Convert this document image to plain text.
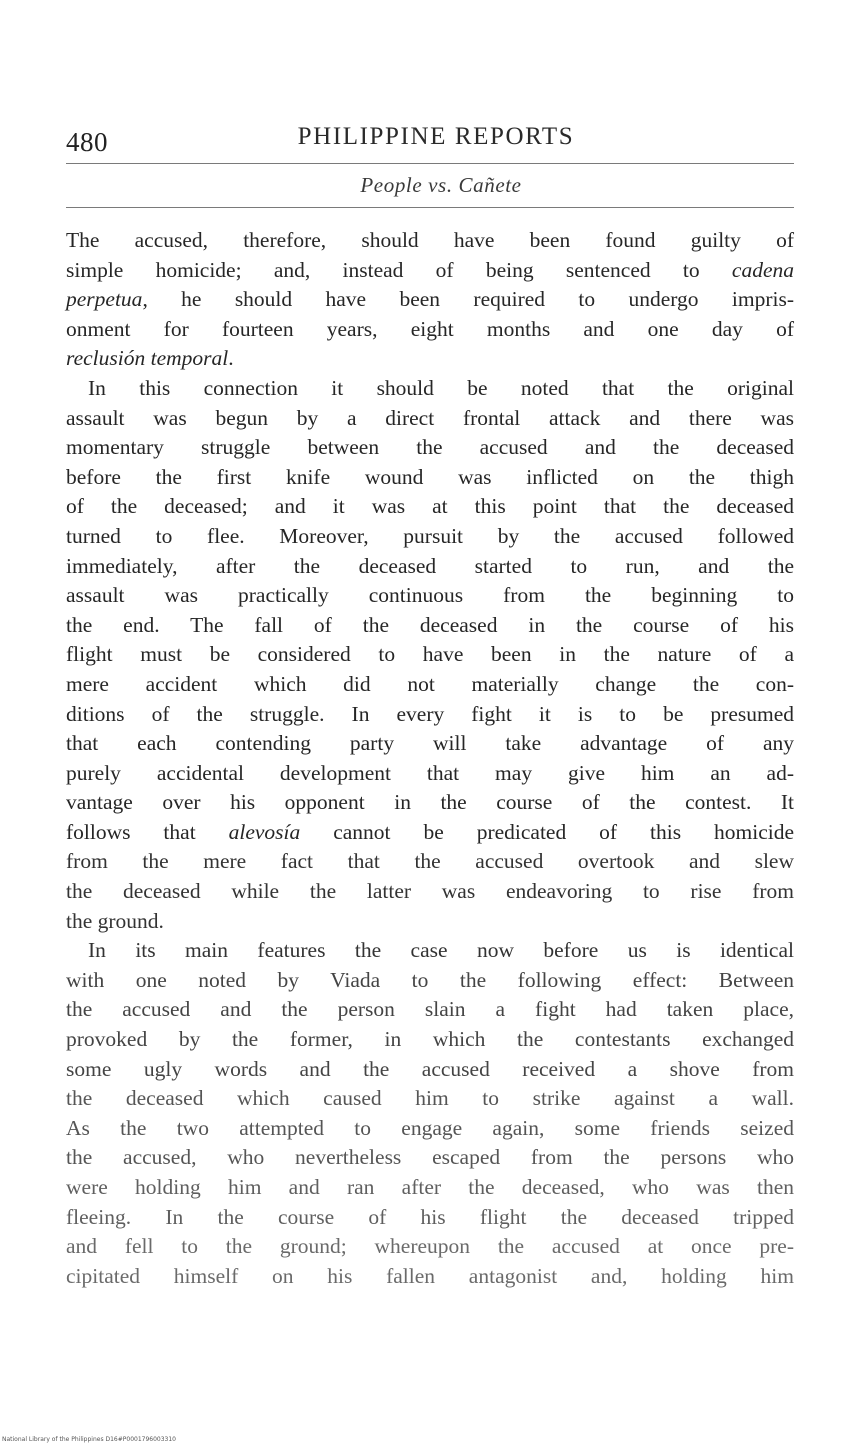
480	PHILIPPINE REPORTS
People vs. Cañete
The accused, therefore, should have been found guilty of
simple homicide; and, instead of being sentenced to cadena
perpetua, he should have been required to undergo impris-
onment for fourteen years, eight months and one day of
reclusión temporal.
In this connection it should be noted that the original
assault was begun by a direct frontal attack and there was
momentary struggle between the accused and the deceased
before the first knife wound was inflicted on the thigh
of the deceased; and it was at this point that the deceased
turned to flee. Moreover, pursuit by the accused followed
immediately, after the deceased started to run, and the
assault was practically continuous from the beginning to
the end. The fall of the deceased in the course of his
flight must be considered to have been in the nature of a
mere accident which did not materially change the con-
ditions of the struggle. In every fight it is to be presumed
that each contending party will take advantage of any
purely accidental development that may give him an ad-
vantage over his opponent in the course of the contest. It
follows that alevosía cannot be predicated of this homicide
from the mere fact that the accused overtook and slew
the deceased while the latter was endeavoring to rise from
the ground.
In its main features the case now before us is identical
with one noted by Viada to the following effect: Between
the accused and the person slain a fight had taken place,
provoked by the former, in which the contestants exchanged
some ugly words and the accused received a shove from
the deceased which caused him to strike against a wall.
As the two attempted to engage again, some friends seized
the accused, who nevertheless escaped from the persons who
were holding him and ran after the deceased, who was then
fleeing. In the course of his flight the deceased tripped
and fell to the ground; whereupon the accused at once pre-
cipitated himself on his fallen antagonist and, holding him
National Library of the Philippines D16#P0001796003310
